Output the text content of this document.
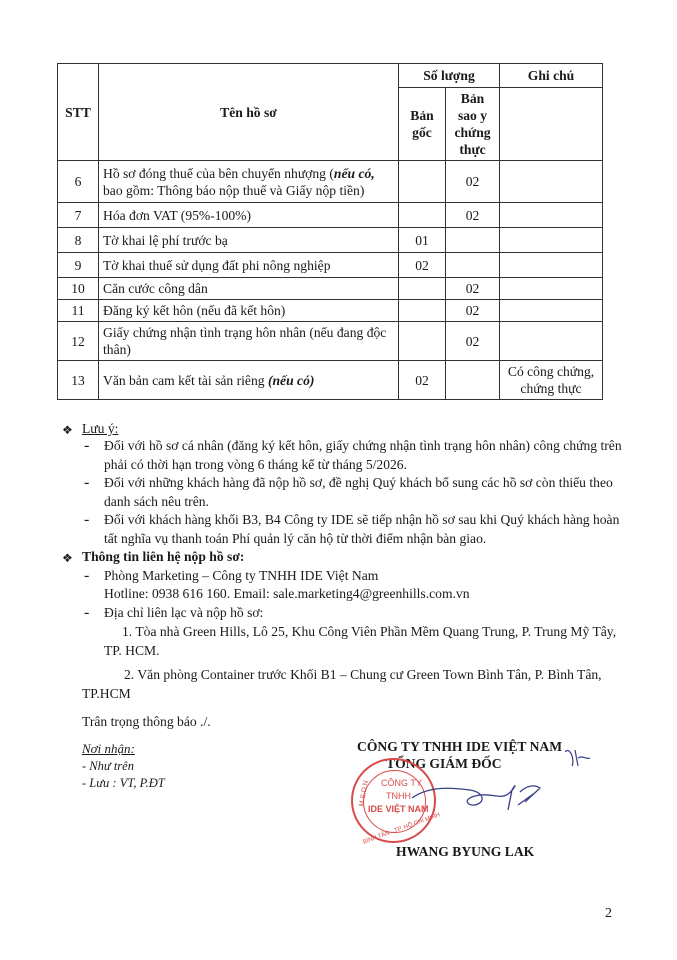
STT	Tên hồ sơ	Số lượng		Ghi chú
		Bản gốc	Bản sao y chứng thực	
6	Hồ sơ đóng thuế của bên chuyển nhượng (nếu có, bao gồm: Thông báo nộp thuế và Giấy nộp tiền)		02	
7	Hóa đơn VAT (95%-100%)		02	
8	Tờ khai lệ phí trước bạ	01		
9	Tờ khai thuế sử dụng đất phi nông nghiệp	02		
10	Căn cước công dân		02	
11	Đăng ký kết hôn (nếu đã kết hôn)		02	
12	Giấy chứng nhận tình trạng hôn nhân (nếu đang độc thân)		02	
13	Văn bản cam kết tài sản riêng (nếu có)	02		Có công chứng, chứng thực
❖ Lưu ý:
- Đối với hồ sơ cá nhân (đăng ký kết hôn, giấy chứng nhận tình trạng hôn nhân) công chứng trên phải có thời hạn trong vòng 6 tháng kể từ tháng 5/2026.
- Đối với những khách hàng đã nộp hồ sơ, đề nghị Quý khách bổ sung các hồ sơ còn thiếu theo danh sách nêu trên.
- Đối với khách hàng khối B3, B4 Công ty IDE sẽ tiếp nhận hồ sơ sau khi Quý khách hàng hoàn tất nghĩa vụ thanh toán Phí quản lý căn hộ từ thời điểm nhận bàn giao.
❖ Thông tin liên hệ nộp hồ sơ:
- Phòng Marketing – Công ty TNHH IDE Việt Nam
Hotline: 0938 616 160. Email: sale.marketing4@greenhills.com.vn
- Địa chỉ liên lạc và nộp hồ sơ:
1. Tòa nhà Green Hills, Lô 25, Khu Công Viên Phần Mềm Quang Trung, P. Trung Mỹ Tây, TP. HCM.
2. Văn phòng Container trước Khối B1 – Chung cư Green Town Bình Tân, P. Bình Tân, TP.HCM
Trân trọng thông báo ./.
Nơi nhận:
- Như trên
- Lưu : VT, P.ĐT
CÔNG TY TNHH IDE VIỆT NAM
TỔNG GIÁM ĐỐC
CÔNG TY
TNHH
IDE VIỆT NAM
M.S.D.N
BÌNH TÂN - TP. HỒ CHÍ MINH
HWANG BYUNG LAK
2
